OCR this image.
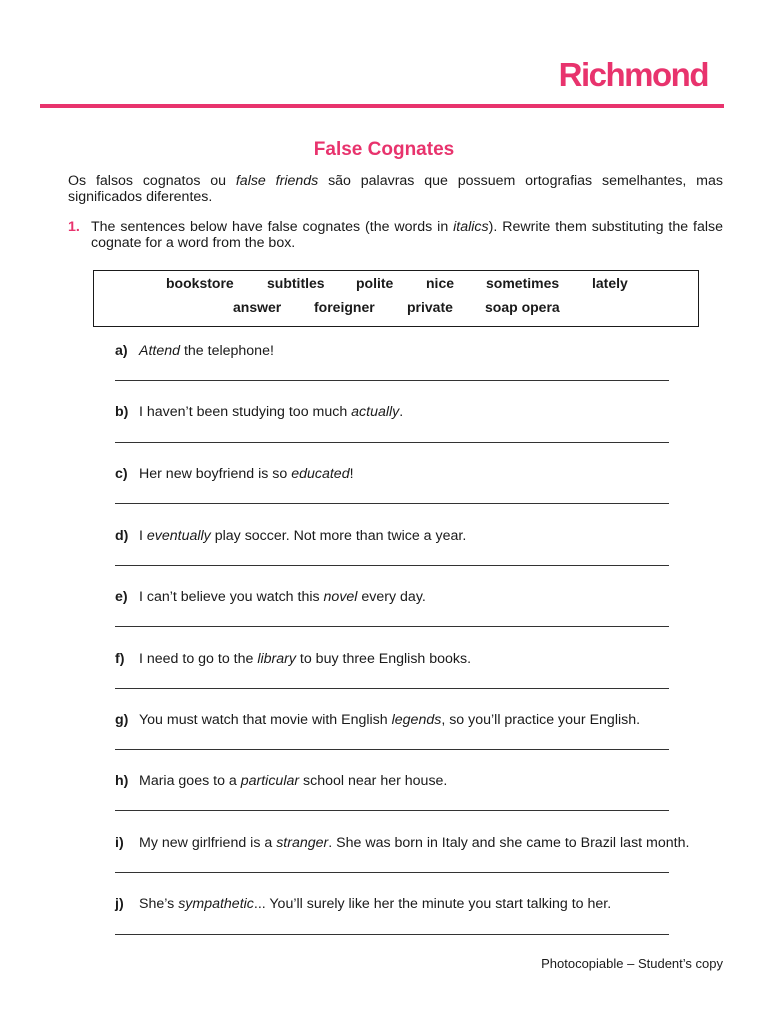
Richmond
False Cognates
Os falsos cognatos ou false friends são palavras que possuem ortografias semelhantes, mas significados diferentes.
1. The sentences below have false cognates (the words in italics). Rewrite them substituting the false cognate for a word from the box.
bookstore subtitles polite nice sometimes lately
answer foreigner private soap opera
a) Attend the telephone!
b) I haven’t been studying too much actually.
c) Her new boyfriend is so educated!
d) I eventually play soccer. Not more than twice a year.
e) I can’t believe you watch this novel every day.
f) I need to go to the library to buy three English books.
g) You must watch that movie with English legends, so you’ll practice your English.
h) Maria goes to a particular school near her house.
i) My new girlfriend is a stranger. She was born in Italy and she came to Brazil last month.
j) She’s sympathetic... You’ll surely like her the minute you start talking to her.
Photocopiable – Student’s copy
